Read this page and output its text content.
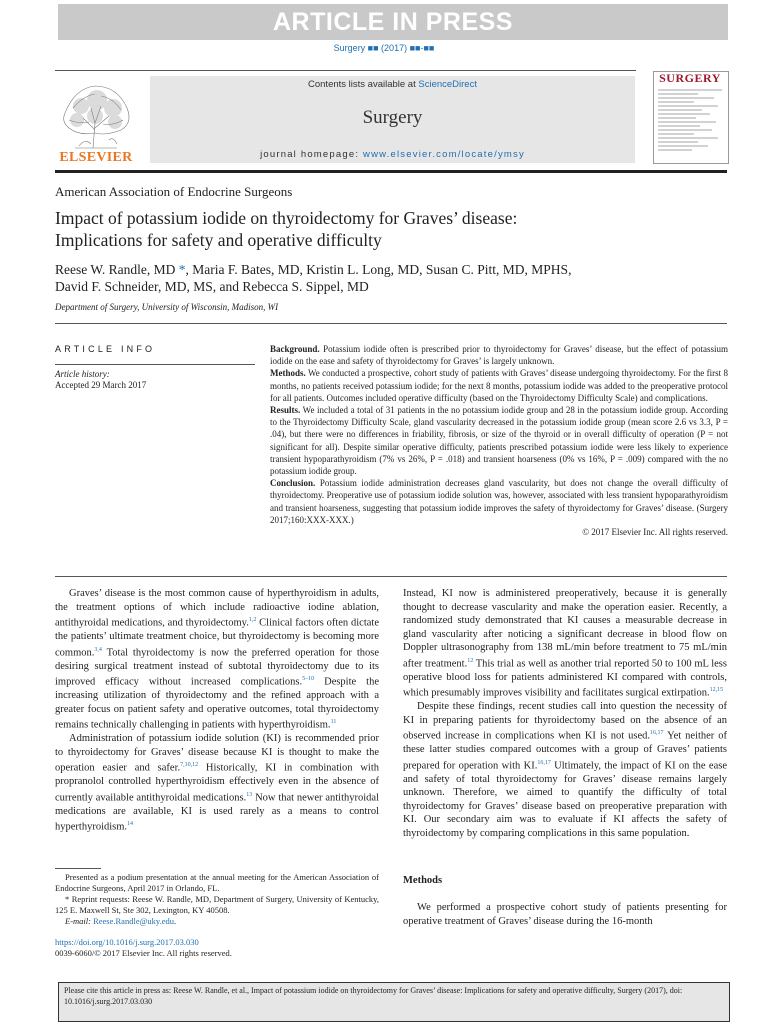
ARTICLE IN PRESS
Surgery ■■ (2017) ■■-■■
ELSEVIER
Contents lists available at ScienceDirect
Surgery
journal homepage: www.elsevier.com/locate/ymsy
SURGERY
American Association of Endocrine Surgeons
Impact of potassium iodide on thyroidectomy for Graves’ disease:
Implications for safety and operative difficulty
Reese W. Randle, MD *, Maria F. Bates, MD, Kristin L. Long, MD, Susan C. Pitt, MD, MPHS,
David F. Schneider, MD, MS, and Rebecca S. Sippel, MD
Department of Surgery, University of Wisconsin, Madison, WI
ARTICLE INFO
Article history:
Accepted 29 March 2017

Background. Potassium iodide often is prescribed prior to thyroidectomy for Graves’ disease, but the effect of potassium iodide on the ease and safety of thyroidectomy for Graves’ is largely unknown.

Methods. We conducted a prospective, cohort study of patients with Graves’ disease undergoing thyroidectomy. For the first 8 months, no patients received potassium iodide; for the next 8 months, potassium iodide was added to the preoperative protocol for all patients. Outcomes included operative difficulty (based on the Thyroidectomy Difficulty Scale) and complications.

Results. We included a total of 31 patients in the no potassium iodide group and 28 in the potassium iodide group. According to the Thyroidectomy Difficulty Scale, gland vascularity decreased in the potassium iodide group (mean score 2.6 vs 3.3, P = .04), but there were no differences in friability, fibrosis, or size of the thyroid or in overall difficulty of operation (P = not significant for all). Despite similar operative difficulty, patients prescribed potassium iodide were less likely to experience transient hypoparathyroidism (7% vs 26%, P = .018) and transient hoarseness (0% vs 16%, P = .009) compared with the no potassium iodide group.

Conclusion. Potassium iodide administration decreases gland vascularity, but does not change the overall difficulty of thyroidectomy. Preoperative use of potassium iodide solution was, however, associated with less transient hypoparathyroidism and transient hoarseness, suggesting that potassium iodide improves the safety of thyroidectomy for Graves’ disease. (Surgery 2017;160:XXX-XXX.)

© 2017 Elsevier Inc. All rights reserved.

Graves’ disease is the most common cause of hyperthyroidism in adults, the treatment options of which include radioactive iodine ablation, antithyroidal medications, and thyroidectomy.$^{1,2}$ Clinical factors often dictate the patients’ ultimate treatment choice, but thyroidectomy is becoming more common.$^{3,4}$ Total thyroidectomy is now the preferred operation for those desiring surgical treatment instead of subtotal thyroidectomy due to its improved efficacy without increased complications.$^{5-10}$ Despite the increasing utilization of thyroidectomy and the refined approach with a greater focus on patient safety and operative outcomes, total thyroidectomy remains technically challenging in patients with hyperthyroidism.$^{11}$

Administration of potassium iodide solution (KI) is recommended prior to thyroidectomy for Graves’ disease because KI is thought to make the operation easier and safer.$^{7,10,12}$ Historically, KI in combination with propranolol controlled hyperthyroidism effectively even in the absence of currently available antithyroidal medications.$^{13}$ Now that newer antithyroidal medications are available, KI is used rarely as a means to control hyperthyroidism.$^{14}$

Instead, KI now is administered preoperatively, because it is generally thought to decrease vascularity and make the operation easier. Recently, a randomized study demonstrated that KI causes a measurable decrease in gland vascularity after noticing a significant decrease in blood flow on Doppler ultrasonography from 138 mL/min before treatment to 75 mL/min after treatment.$^{12}$ This trial as well as another trial reported 50 to 100 mL less operative blood loss for patients administered KI compared with controls, which presumably improves visibility and facilitates surgical extirpation.$^{12,15}$

Despite these findings, recent studies call into question the necessity of KI in preparing patients for thyroidectomy based on the absence of an observed increase in complications when KI is not used.$^{16,17}$ Yet neither of these latter studies compared outcomes with a group of Graves’ patients prepared for operation with KI.$^{16,17}$ Ultimately, the impact of KI on the ease and safety of total thyroidectomy for Graves’ disease remains largely unknown. Therefore, we aimed to quantify the difficulty of total thyroidectomy for Graves’ disease based on preoperative preparation with KI. Our secondary aim was to evaluate if KI affects the safety of thyroidectomy by comparing complications in this same population.

Methods

We performed a prospective cohort study of patients presenting for operative treatment of Graves’ disease during the 16-month

Presented as a podium presentation at the annual meeting for the American Association of Endocrine Surgeons, April 2017 in Orlando, FL.

* Reprint requests: Reese W. Randle, MD, Department of Surgery, University of Kentucky, 125 E. Maxwell St, Ste 302, Lexington, KY 40508.

E-mail: Reese.Randle@uky.edu.

https://doi.org/10.1016/j.surg.2017.03.030
0039-6060/© 2017 Elsevier Inc. All rights reserved.
Please cite this article in press as: Reese W. Randle, et al., Impact of potassium iodide on thyroidectomy for Graves’ disease: Implications for safety and operative difficulty, Surgery (2017), doi: 10.1016/j.surg.2017.03.030
